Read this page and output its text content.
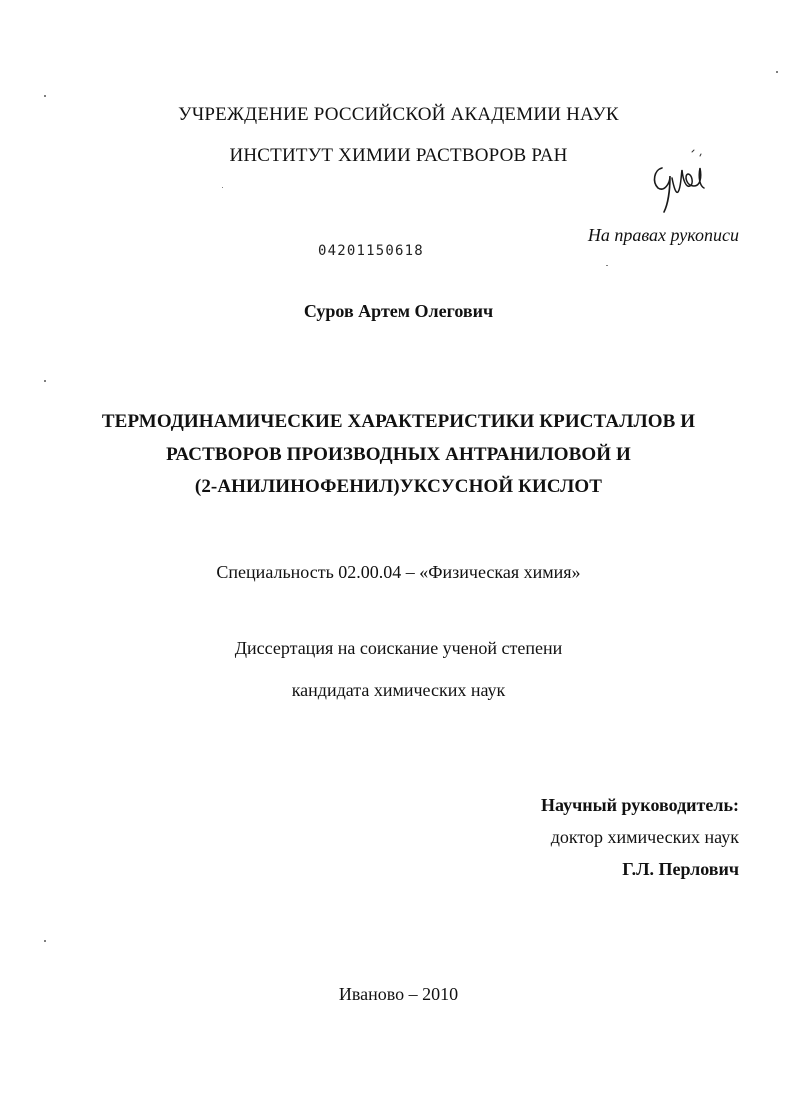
УЧРЕЖДЕНИЕ РОССИЙСКОЙ АКАДЕМИИ НАУК
ИНСТИТУТ ХИМИИ РАСТВОРОВ РАН
На правах рукописи
04201150618
Суров Артем Олегович
ТЕРМОДИНАМИЧЕСКИЕ ХАРАКТЕРИСТИКИ КРИСТАЛЛОВ И
РАСТВОРОВ ПРОИЗВОДНЫХ АНТРАНИЛОВОЙ И
(2-АНИЛИНОФЕНИЛ)УКСУСНОЙ КИСЛОТ
Специальность 02.00.04 – «Физическая химия»
Диссертация на соискание ученой степени
кандидата химических наук
Научный руководитель:
доктор химических наук
Г.Л. Перлович
Иваново – 2010
